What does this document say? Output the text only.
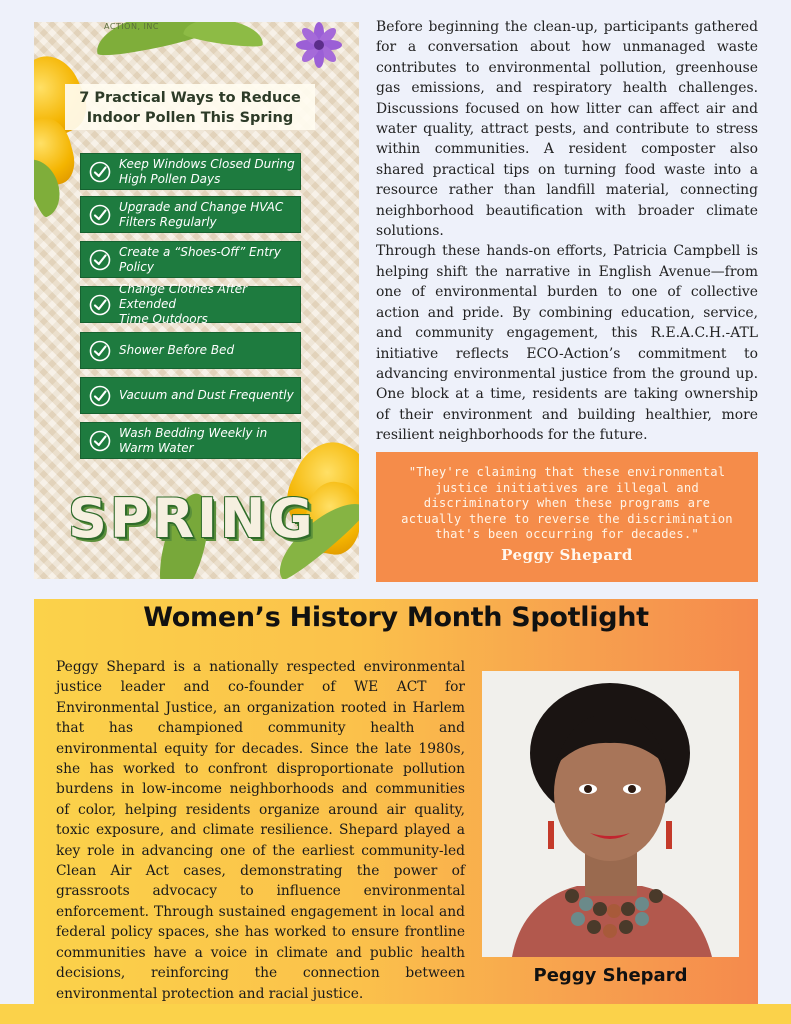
ACTION, INC
7 Practical Ways to Reduce
Indoor Pollen This Spring
Keep Windows Closed During
High Pollen Days
Upgrade and Change HVAC
Filters Regularly
Create a “Shoes-Off” Entry
Policy
Change Clothes After Extended
Time Outdoors
Shower Before Bed
Vacuum and Dust Frequently
Wash Bedding Weekly in
Warm Water
SPRING

Before beginning the clean-up, participants gathered for a conversation about how unmanaged waste contributes to environmental pollution, greenhouse gas emissions, and respiratory health challenges. Discussions focused on how litter can affect air and water quality, attract pests, and contribute to stress within communities. A resident composter also shared practical tips on turning food waste into a resource rather than landfill material, connecting neighborhood beautification with broader climate solutions.

Through these hands-on efforts, Patricia Campbell is helping shift the narrative in English Avenue—from one of environmental burden to one of collective action and pride. By combining education, service, and community engagement, this R.E.A.C.H.-ATL initiative reflects ECO-Action’s commitment to advancing environmental justice from the ground up. One block at a time, residents are taking ownership of their environment and building healthier, more resilient neighborhoods for the future.

"They're claiming that these environmental justice initiatives are illegal and discriminatory when these programs are actually there to reverse the discrimination that's been occurring for decades."
Peggy Shepard
Women’s History Month Spotlight
Peggy Shepard is a nationally respected environmental justice leader and co-founder of WE ACT for Environmental Justice, an organization rooted in Harlem that has championed community health and environmental equity for decades. Since the late 1980s, she has worked to confront disproportionate pollution burdens in low-income neighborhoods and communities of color, helping residents organize around air quality, toxic exposure, and climate resilience. Shepard played a key role in advancing one of the earliest community-led Clean Air Act cases, demonstrating the power of grassroots advocacy to influence environmental enforcement. Through sustained engagement in local and federal policy spaces, she has worked to ensure frontline communities have a voice in climate and public health decisions, reinforcing the connection between environmental protection and racial justice.
Peggy Shepard
